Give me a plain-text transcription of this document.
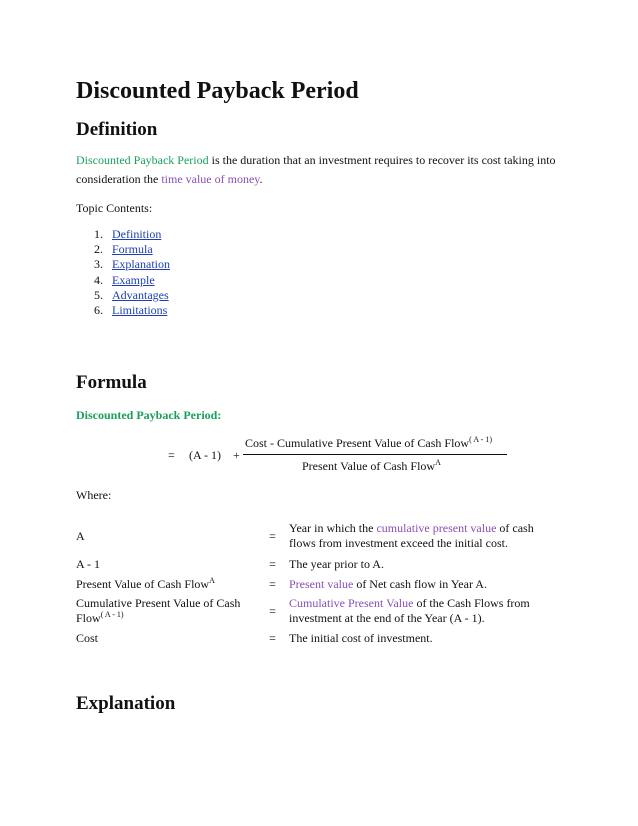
Discounted Payback Period
Definition
Discounted Payback Period is the duration that an investment requires to recover its cost taking into consideration the time value of money.
Topic Contents:
1. Definition
2. Formula
3. Explanation
4. Example
5. Advantages
6. Limitations
Formula
Discounted Payback Period:
= (A - 1) +
Cost - Cumulative Present Value of Cash Flow$^{( A - 1)}$
Present Value of Cash Flow$^A$
Where:
A	=	Year in which the cumulative present value of cash flows from investment exceed the initial cost.
A - 1	=	The year prior to A.
Present Value of Cash Flow$^A$	=	Present value of Net cash flow in Year A.
Cumulative Present Value of Cash Flow$^{( A - 1)}$	=	Cumulative Present Value of the Cash Flows from investment at the end of the Year (A - 1).
Cost	=	The initial cost of investment.
Explanation
